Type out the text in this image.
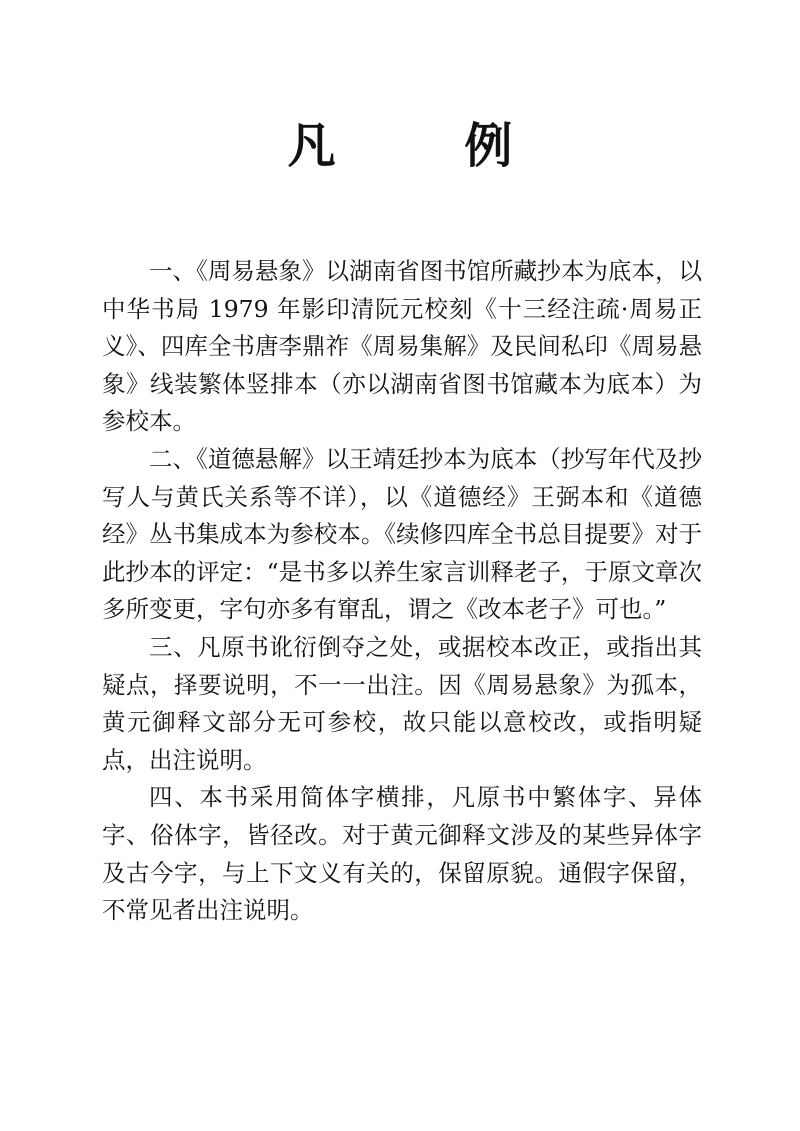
凡 例

一、《周易悬象》以湖南省图书馆所藏抄本为底本，以中华书局 1979 年影印清阮元校刻《十三经注疏·周易正义》、四库全书唐李鼎祚《周易集解》及民间私印《周易悬象》线装繁体竖排本（亦以湖南省图书馆藏本为底本）为参校本。

二、《道德悬解》以王靖廷抄本为底本（抄写年代及抄写人与黄氏关系等不详），以《道德经》王弼本和《道德经》丛书集成本为参校本。《续修四库全书总目提要》对于此抄本的评定：“是书多以养生家言训释老子，于原文章次多所变更，字句亦多有窜乱，谓之《改本老子》可也。”

三、凡原书讹衍倒夺之处，或据校本改正，或指出其疑点，择要说明，不一一出注。因《周易悬象》为孤本，黄元御释文部分无可参校，故只能以意校改，或指明疑点，出注说明。

四、本书采用简体字横排，凡原书中繁体字、异体字、俗体字，皆径改。对于黄元御释文涉及的某些异体字及古今字，与上下文义有关的，保留原貌。通假字保留，不常见者出注说明。
